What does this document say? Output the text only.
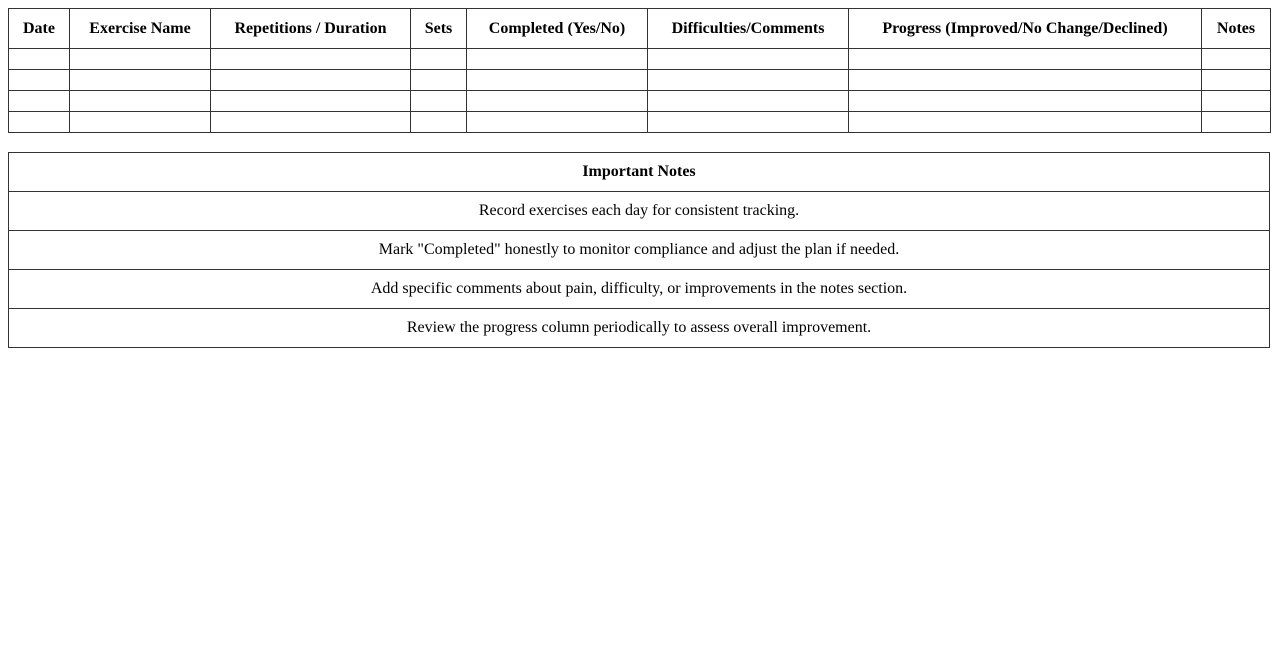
Date	Exercise Name	Repetitions / Duration	Sets	Completed (Yes/No)	Difficulties/Comments	Progress (Improved/No Change/Declined)	Notes

Important Notes
Record exercises each day for consistent tracking.
Mark "Completed" honestly to monitor compliance and adjust the plan if needed.
Add specific comments about pain, difficulty, or improvements in the notes section.
Review the progress column periodically to assess overall improvement.
